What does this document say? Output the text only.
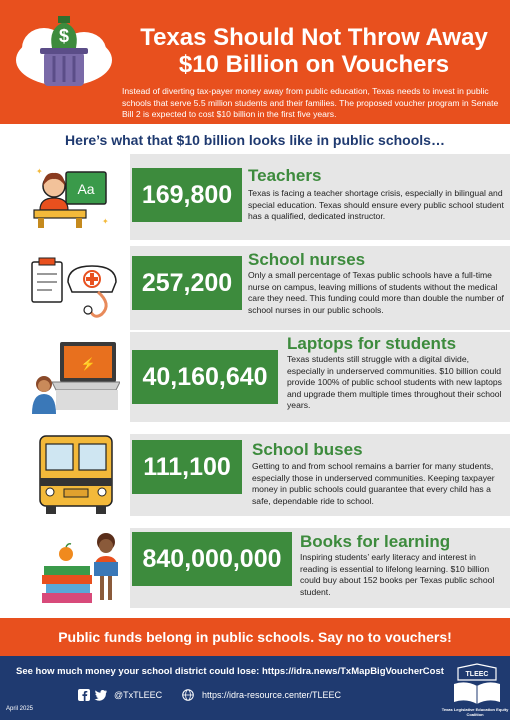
$	Texas Should Not Throw Away
$10 Billion on Vouchers
Instead of diverting tax-payer money away from public education, Texas needs to invest in public schools that serve 5.5 million students and their families. The proposed voucher program in Senate Bill 2 is expected to cost $10 billion in the first five years.
Here’s what that $10 billion looks like in public schools…
Aa
✦
✦
169,800
Teachers
Texas is facing a teacher shortage crisis, especially in bilingual and special education. Texas should ensure every public school student has a qualified, dedicated instructor.
257,200
School nurses
Only a small percentage of Texas public schools have a full-time nurse on campus, leaving millions of students without the medical care they need. This funding could more than double the number of school nurses in our public schools.
⚡	40,160,640
Laptops for students
Texas students still struggle with a digital divide, especially in underserved communities. $10 billion could provide 100% of public school students with new laptops and upgrade them multiple times throughout their school years.
111,100
School buses
Getting to and from school remains a barrier for many students, especially those in underserved communities. Keeping taxpayer money in public schools could guarantee that every child has a safe, dependable ride to school.
840,000,000
Books for learning
Inspiring students’ early literacy and interest in reading is essential to lifelong learning. $10 billion could buy about 152 books per Texas public school student.
Public funds belong in public schools. Say no to vouchers!
See how much money your school district could lose: https://idra.news/TxMapBigVoucherCost
@TxTLEEC	https://idra-resource.center/TLEEC
April 2025
TLEEC
Texas Legislative Education Equity Coalition
